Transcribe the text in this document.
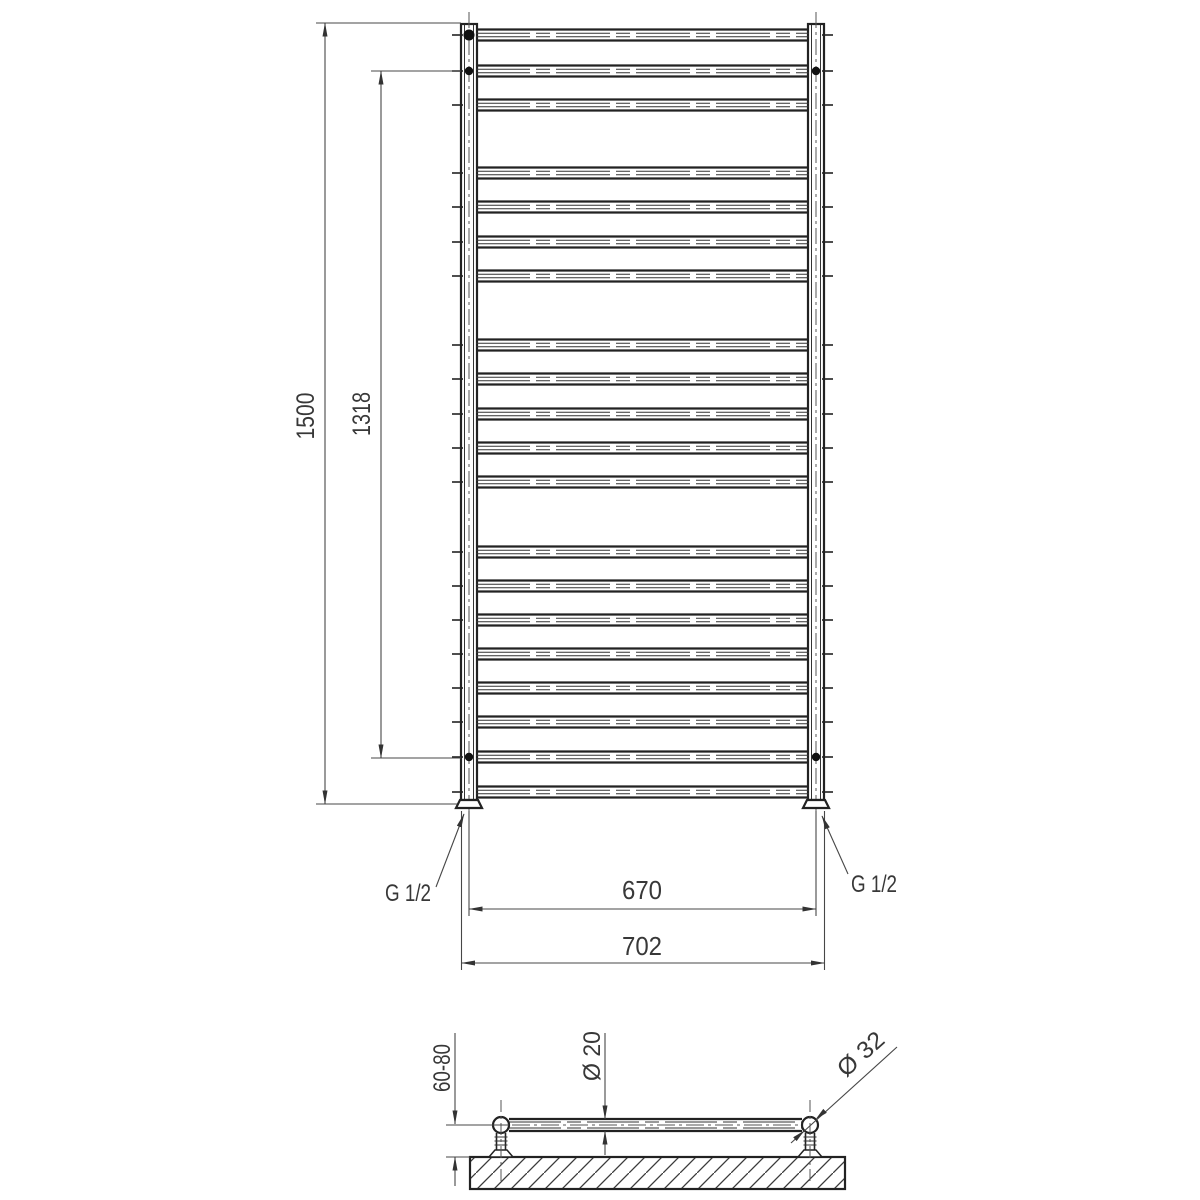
1500 1318
670
702
G 1/2	G 1/2
60-80	Ø 20	Ø 32
